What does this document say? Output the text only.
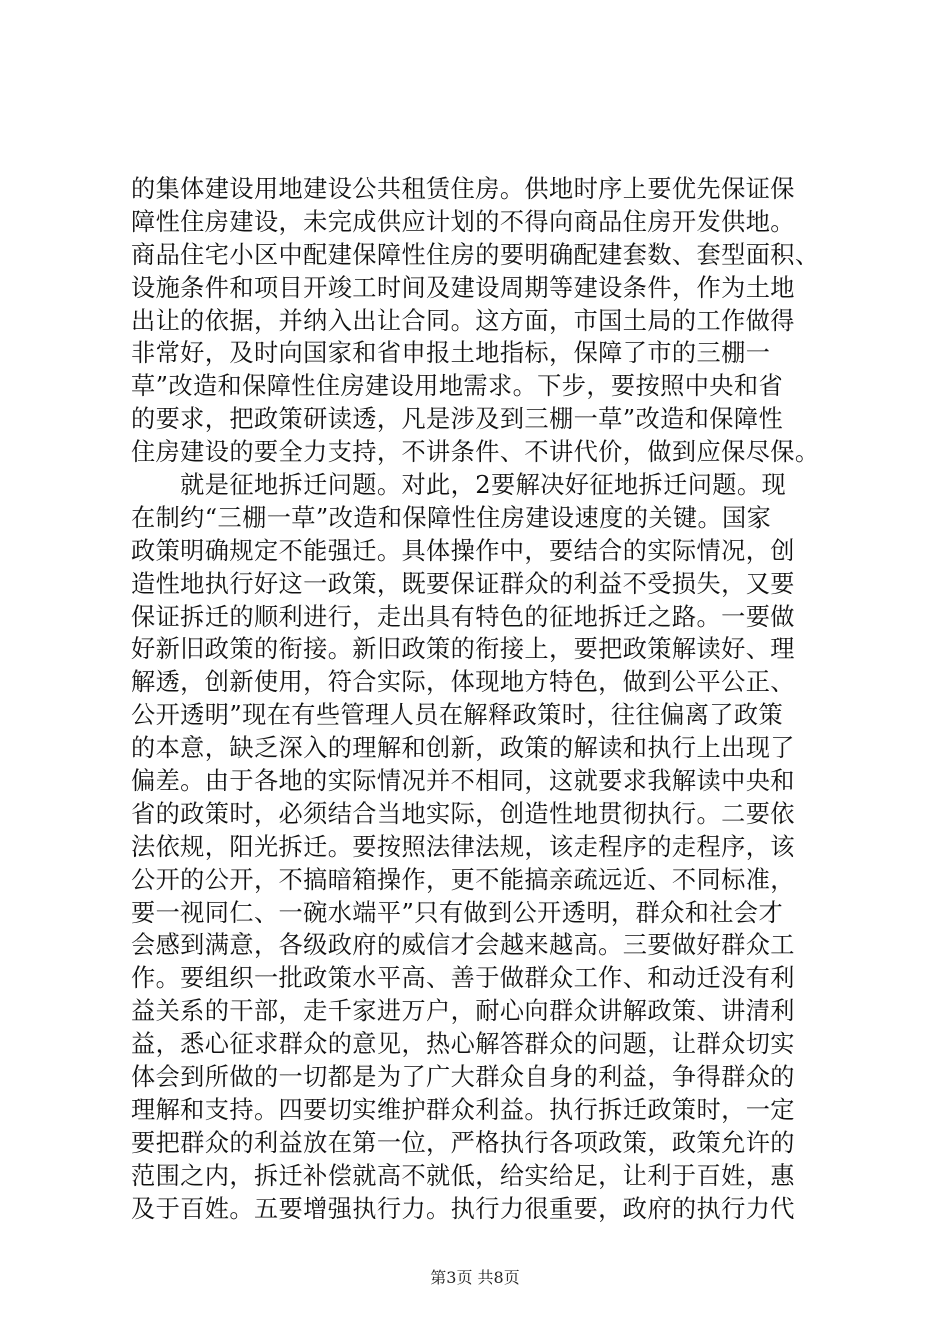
的集体建设用地建设公共租赁住房。供地时序上要优先保证保
障性住房建设，未完成供应计划的不得向商品住房开发供地。
商品住宅小区中配建保障性住房的要明确配建套数、套型面积、
设施条件和项目开竣工时间及建设周期等建设条件，作为土地
出让的依据，并纳入出让合同。这方面，市国土局的工作做得
非常好，及时向国家和省申报土地指标，保障了市的三棚一
草”改造和保障性住房建设用地需求。下步，要按照中央和省
的要求，把政策研读透，凡是涉及到三棚一草”改造和保障性
住房建设的要全力支持，不讲条件、不讲代价，做到应保尽保。
　　就是征地拆迁问题。对此，2要解决好征地拆迁问题。现
在制约“三棚一草”改造和保障性住房建设速度的关键。国家
政策明确规定不能强迁。具体操作中，要结合的实际情况，创
造性地执行好这一政策，既要保证群众的利益不受损失，又要
保证拆迁的顺利进行，走出具有特色的征地拆迁之路。一要做
好新旧政策的衔接。新旧政策的衔接上，要把政策解读好、理
解透，创新使用，符合实际，体现地方特色，做到公平公正、
公开透明”现在有些管理人员在解释政策时，往往偏离了政策
的本意，缺乏深入的理解和创新，政策的解读和执行上出现了
偏差。由于各地的实际情况并不相同，这就要求我解读中央和
省的政策时，必须结合当地实际，创造性地贯彻执行。二要依
法依规，阳光拆迁。要按照法律法规，该走程序的走程序，该
公开的公开，不搞暗箱操作，更不能搞亲疏远近、不同标准，
要一视同仁、一碗水端平”只有做到公开透明，群众和社会才
会感到满意，各级政府的威信才会越来越高。三要做好群众工
作。要组织一批政策水平高、善于做群众工作、和动迁没有利
益关系的干部，走千家进万户，耐心向群众讲解政策、讲清利
益，悉心征求群众的意见，热心解答群众的问题，让群众切实
体会到所做的一切都是为了广大群众自身的利益，争得群众的
理解和支持。四要切实维护群众利益。执行拆迁政策时，一定
要把群众的利益放在第一位，严格执行各项政策，政策允许的
范围之内，拆迁补偿就高不就低，给实给足，让利于百姓，惠
及于百姓。五要增强执行力。执行力很重要，政府的执行力代
第3页 共8页
